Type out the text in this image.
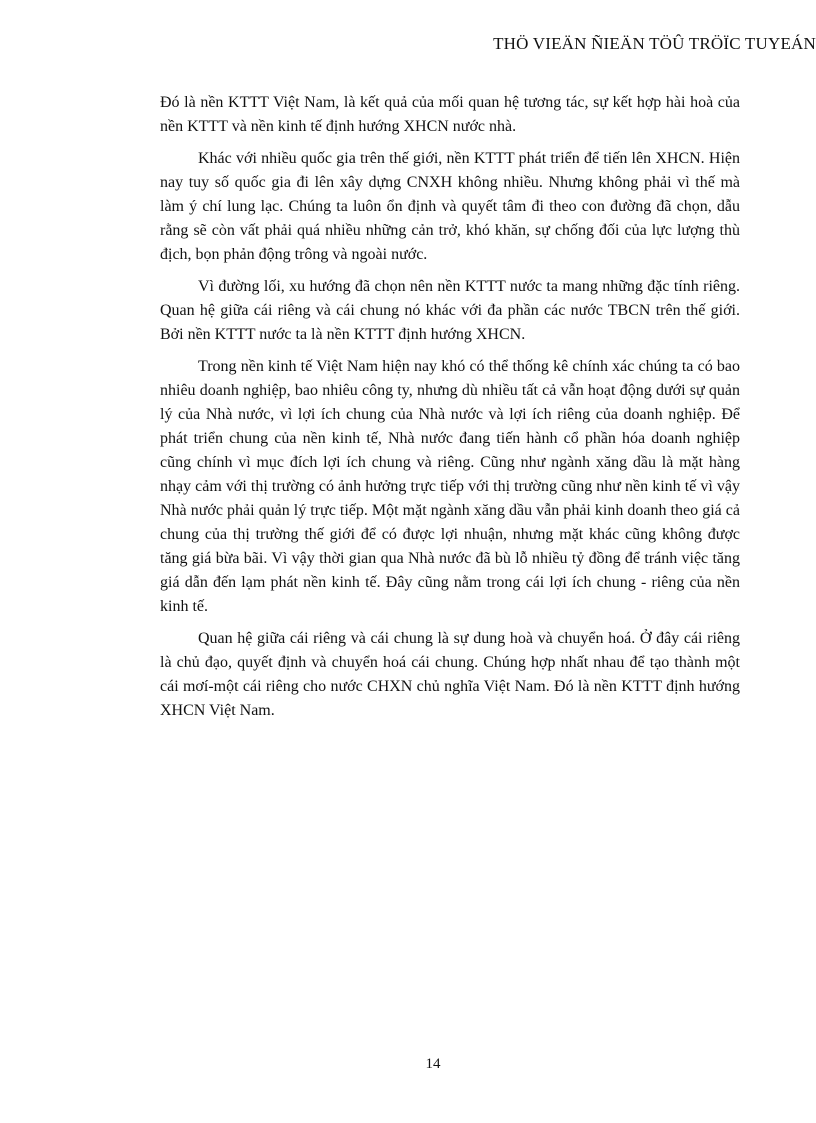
THÖ VIEÄN ÑIEÄN TÖÛ TRÖÏC TUYEÁN

Đó là nền KTTT Việt Nam, là kết quả của mối quan hệ tương tác, sự kết hợp hài hoà của nền KTTT và nền kinh tế định hướng XHCN nước nhà.

Khác với nhiều quốc gia trên thế giới, nền KTTT phát triển để tiến lên XHCN. Hiện nay tuy số quốc gia đi lên xây dựng CNXH không nhiều. Nhưng không phải vì thế mà làm ý chí lung lạc. Chúng ta luôn ổn định và quyết tâm đi theo con đường đã chọn, dẫu rằng sẽ còn vất phải quá nhiều những cản trở, khó khăn, sự chống đối của lực lượng thù địch, bọn phản động trông và ngoài nước.

Vì đường lối, xu hướng đã chọn nên nền KTTT nước ta mang những đặc tính riêng. Quan hệ giữa cái riêng và cái chung nó khác với đa phần các nước TBCN trên thế giới. Bởi nền KTTT nước ta là nền KTTT định hướng XHCN.

Trong nền kinh tế Việt Nam hiện nay khó có thể thống kê chính xác chúng ta có bao nhiêu doanh nghiệp, bao nhiêu công ty, nhưng dù nhiều tất cả vẫn hoạt động dưới sự quản lý của Nhà nước, vì lợi ích chung của Nhà nước và lợi ích riêng của doanh nghiệp. Để phát triển chung của nền kinh tế, Nhà nước đang tiến hành cổ phần hóa doanh nghiệp cũng chính vì mục đích lợi ích chung và riêng. Cũng như ngành xăng dầu là mặt hàng nhạy cảm với thị trường có ảnh hưởng trực tiếp với thị trường cũng như nền kinh tế vì vậy Nhà nước phải quản lý trực tiếp. Một mặt ngành xăng dầu vẫn phải kinh doanh theo giá cả chung của thị trường thế giới để có được lợi nhuận, nhưng mặt khác cũng không được tăng giá bừa bãi. Vì vậy thời gian qua Nhà nước đã bù lỗ nhiều tỷ đồng để tránh việc tăng giá dẫn đến lạm phát nền kinh tế. Đây cũng nằm trong cái lợi ích chung - riêng của nền kinh tế.

Quan hệ giữa cái riêng và cái chung là sự dung hoà và chuyển hoá. Ở đây cái riêng là chủ đạo, quyết định và chuyển hoá cái chung. Chúng hợp nhất nhau để tạo thành một cái mơí-một cái riêng cho nước CHXN chủ nghĩa Việt Nam. Đó là nền KTTT định hướng XHCN Việt Nam.

14
